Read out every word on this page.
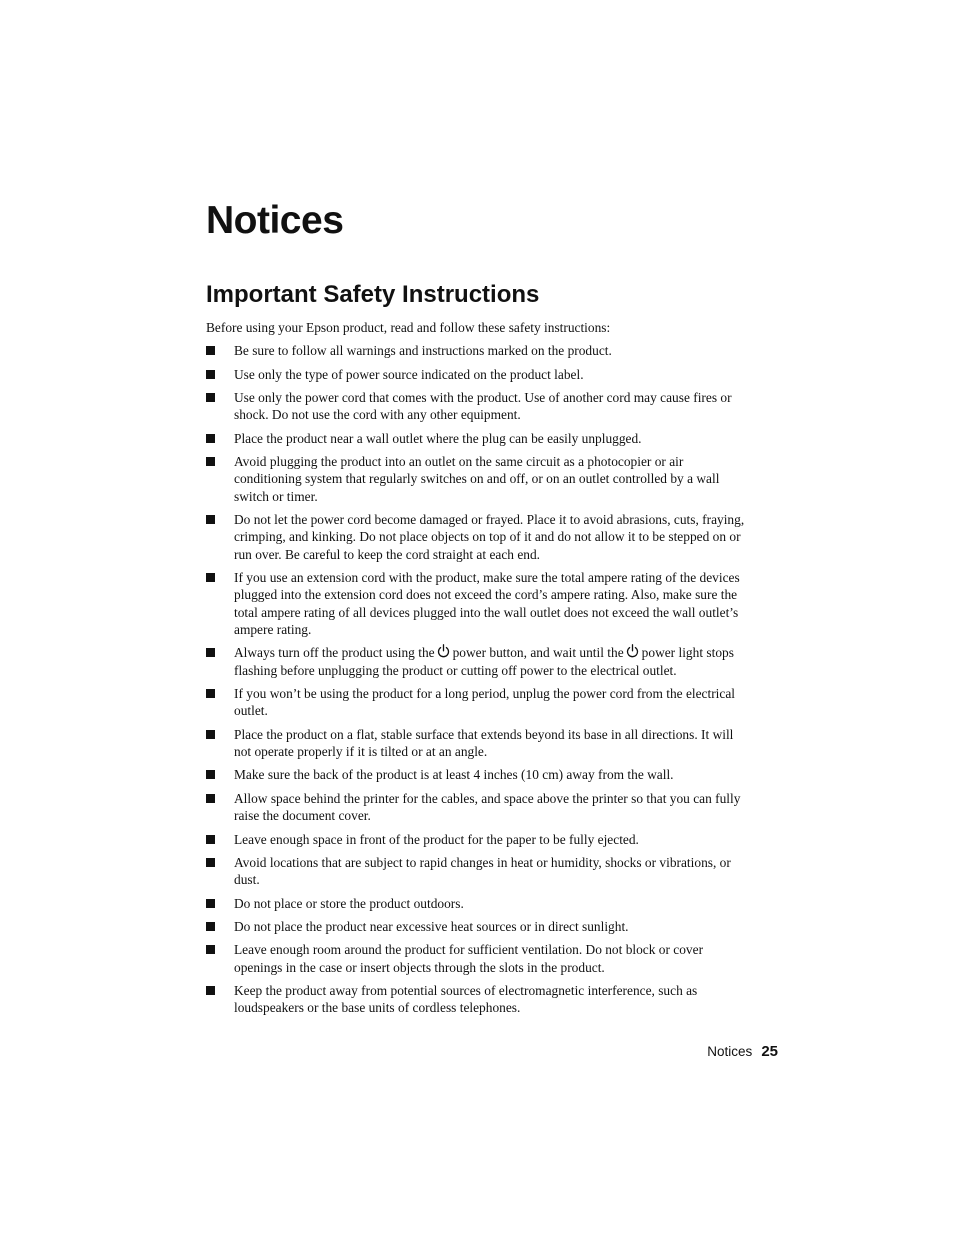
Notices
Important Safety Instructions

Before using your Epson product, read and follow these safety instructions:

Be sure to follow all warnings and instructions marked on the product.
Use only the type of power source indicated on the product label.
Use only the power cord that comes with the product. Use of another cord may cause fires or shock. Do not use the cord with any other equipment.
Place the product near a wall outlet where the plug can be easily unplugged.
Avoid plugging the product into an outlet on the same circuit as a photocopier or air conditioning system that regularly switches on and off, or on an outlet controlled by a wall switch or timer.
Do not let the power cord become damaged or frayed. Place it to avoid abrasions, cuts, fraying, crimping, and kinking. Do not place objects on top of it and do not allow it to be stepped on or run over. Be careful to keep the cord straight at each end.
If you use an extension cord with the product, make sure the total ampere rating of the devices plugged into the extension cord does not exceed the cord’s ampere rating. Also, make sure the total ampere rating of all devices plugged into the wall outlet does not exceed the wall outlet’s ampere rating.
Always turn off the product using the power button, and wait until the power light stops flashing before unplugging the product or cutting off power to the electrical outlet.
If you won’t be using the product for a long period, unplug the power cord from the electrical outlet.
Place the product on a flat, stable surface that extends beyond its base in all directions. It will not operate properly if it is tilted or at an angle.
Make sure the back of the product is at least 4 inches (10 cm) away from the wall.
Allow space behind the printer for the cables, and space above the printer so that you can fully raise the document cover.
Leave enough space in front of the product for the paper to be fully ejected.
Avoid locations that are subject to rapid changes in heat or humidity, shocks or vibrations, or dust.
Do not place or store the product outdoors.
Do not place the product near excessive heat sources or in direct sunlight.
Leave enough room around the product for sufficient ventilation. Do not block or cover openings in the case or insert objects through the slots in the product.
Keep the product away from potential sources of electromagnetic interference, such as loudspeakers or the base units of cordless telephones.
Notices 25
